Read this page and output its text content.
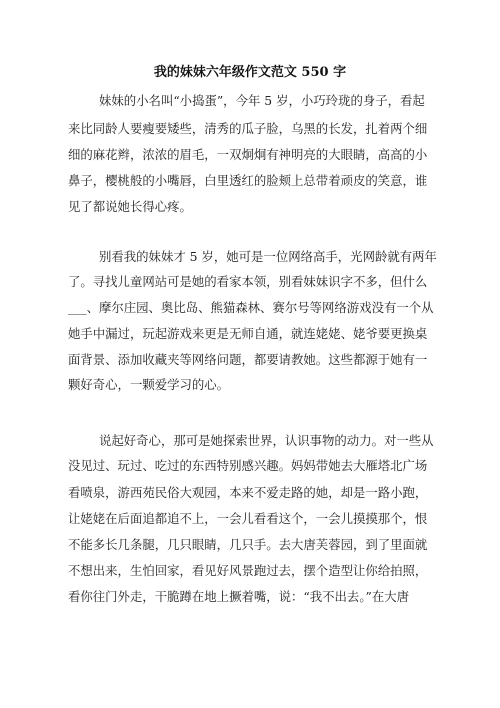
我的妹妹六年级作文范文 550 字
妹妹的小名叫“小捣蛋”，今年 5 岁，小巧玲珑的身子，看起
来比同龄人要瘦要矮些，清秀的瓜子脸，乌黑的长发，扎着两个细
细的麻花辫，浓浓的眉毛，一双炯炯有神明亮的大眼睛，高高的小
鼻子，樱桃般的小嘴唇，白里透红的脸颊上总带着顽皮的笑意，谁
见了都说她长得心疼。
别看我的妹妹才 5 岁，她可是一位网络高手，光网龄就有两年
了。寻找儿童网站可是她的看家本领，别看妹妹识字不多，但什么
___、摩尔庄园、奥比岛、熊猫森林、赛尔号等网络游戏没有一个从
她手中漏过，玩起游戏来更是无师自通，就连姥姥、姥爷要更换桌
面背景、添加收藏夹等网络问题，都要请教她。这些都源于她有一
颗好奇心，一颗爱学习的心。
说起好奇心，那可是她探索世界，认识事物的动力。对一些从
没见过、玩过、吃过的东西特别感兴趣。妈妈带她去大雁塔北广场
看喷泉，游西苑民俗大观园，本来不爱走路的她，却是一路小跑，
让姥姥在后面追都追不上，一会儿看看这个，一会儿摸摸那个，恨
不能多长几条腿，几只眼睛，几只手。去大唐芙蓉园，到了里面就
不想出来，生怕回家，看见好风景跑过去，摆个造型让你给拍照，
看你往门外走，干脆蹲在地上撅着嘴，说：“我不出去。”在大唐
